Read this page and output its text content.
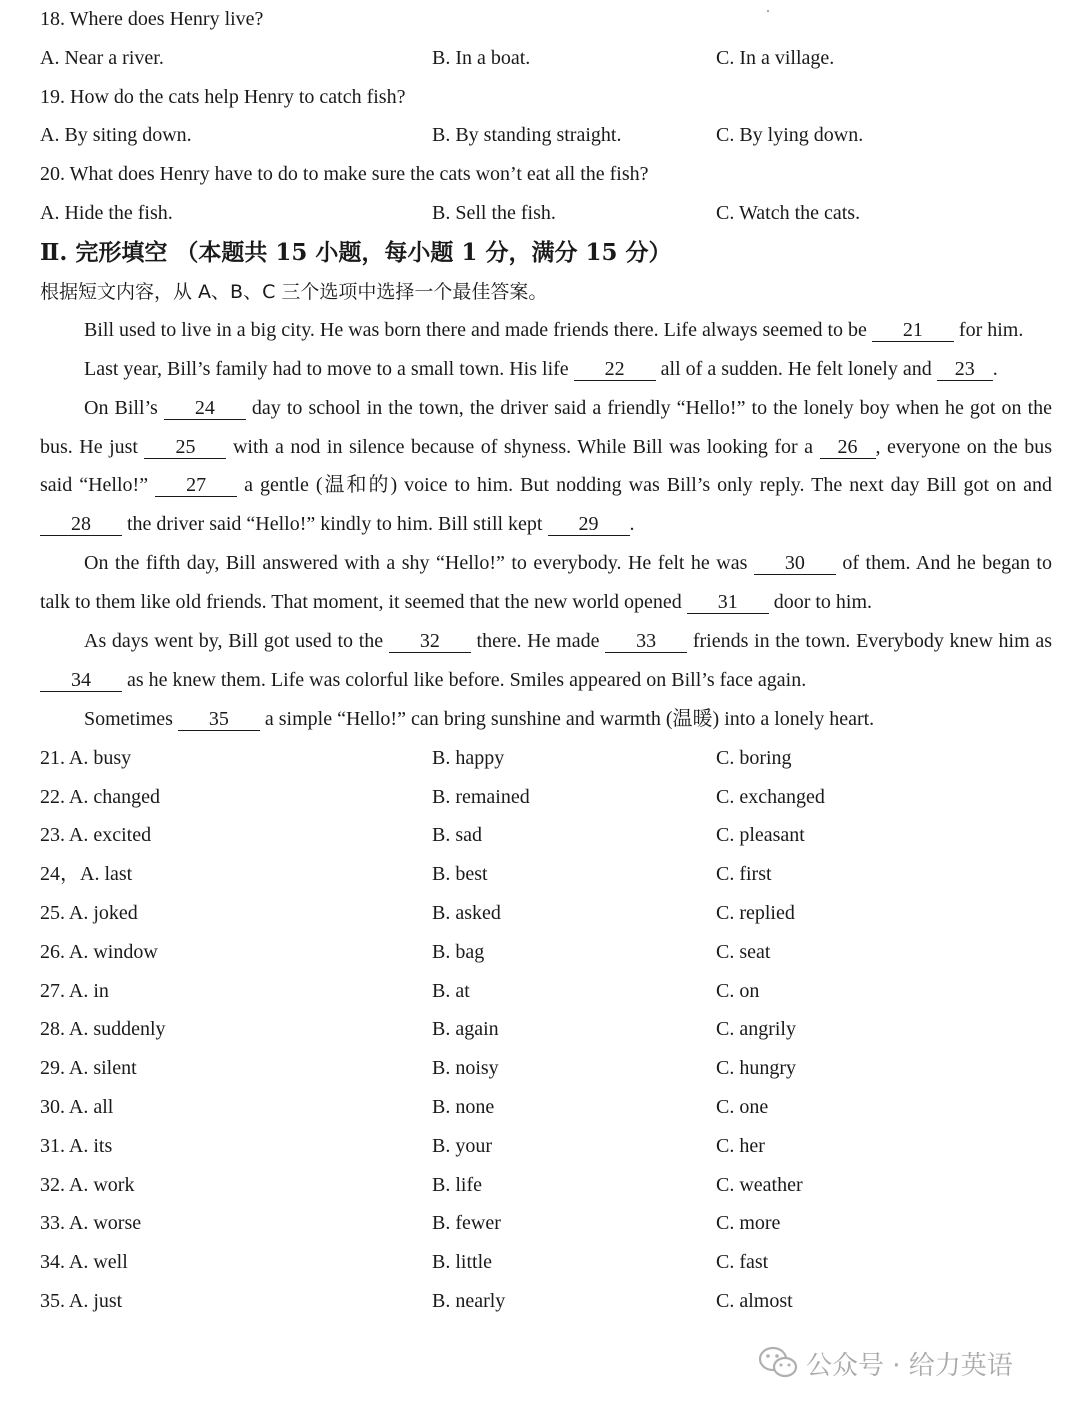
18. Where does Henry live?
A. Near a river.	B. In a boat.	C. In a village.
19. How do the cats help Henry to catch fish?
A. By siting down.	B. By standing straight.	C. By lying down.
20. What does Henry have to do to make sure the cats won’t eat all the fish?
A. Hide the fish.	B. Sell the fish.	C. Watch the cats.
Ⅱ. 完形填空 （本题共 15 小题，每小题 1 分，满分 15 分）
根据短文内容，从 A、B、C 三个选项中选择一个最佳答案。

Bill used to live in a big city. He was born there and made friends there. Life always seemed to be 21 for him.

Last year, Bill’s family had to move to a small town. His life 22 all of a sudden. He felt lonely and 23 .

On Bill’s 24 day to school in the town, the driver said a friendly “Hello!” to the lonely boy when he got on the bus. He just 25 with a nod in silence because of shyness. While Bill was looking for a 26 , everyone on the bus said “Hello!” 27 a gentle (温和的) voice to him. But nodding was Bill’s only reply. The next day Bill got on and 28 the driver said “Hello!” kindly to him. Bill still kept 29 .

On the fifth day, Bill answered with a shy “Hello!” to everybody. He felt he was 30 of them. And he began to talk to them like old friends. That moment, it seemed that the new world opened 31 door to him.

As days went by, Bill got used to the 32 there. He made 33 friends in the town. Everybody knew him as 34 as he knew them. Life was colorful like before. Smiles appeared on Bill’s face again.

Sometimes 35 a simple “Hello!” can bring sunshine and warmth (温暖) into a lonely heart.

21. A. busy	B. happy	C. boring
22. A. changed	B. remained	C. exchanged
23. A. excited	B. sad	C. pleasant
24，A. last	B. best	C. first
25. A. joked	B. asked	C. replied
26. A. window	B. bag	C. seat
27. A. in	B. at	C. on
28. A. suddenly	B. again	C. angrily
29. A. silent	B. noisy	C. hungry
30. A. all	B. none	C. one
31. A. its	B. your	C. her
32. A. work	B. life	C. weather
33. A. worse	B. fewer	C. more
34. A. well	B. little	C. fast
35. A. just	B. nearly	C. almost
公众号 · 给力英语
